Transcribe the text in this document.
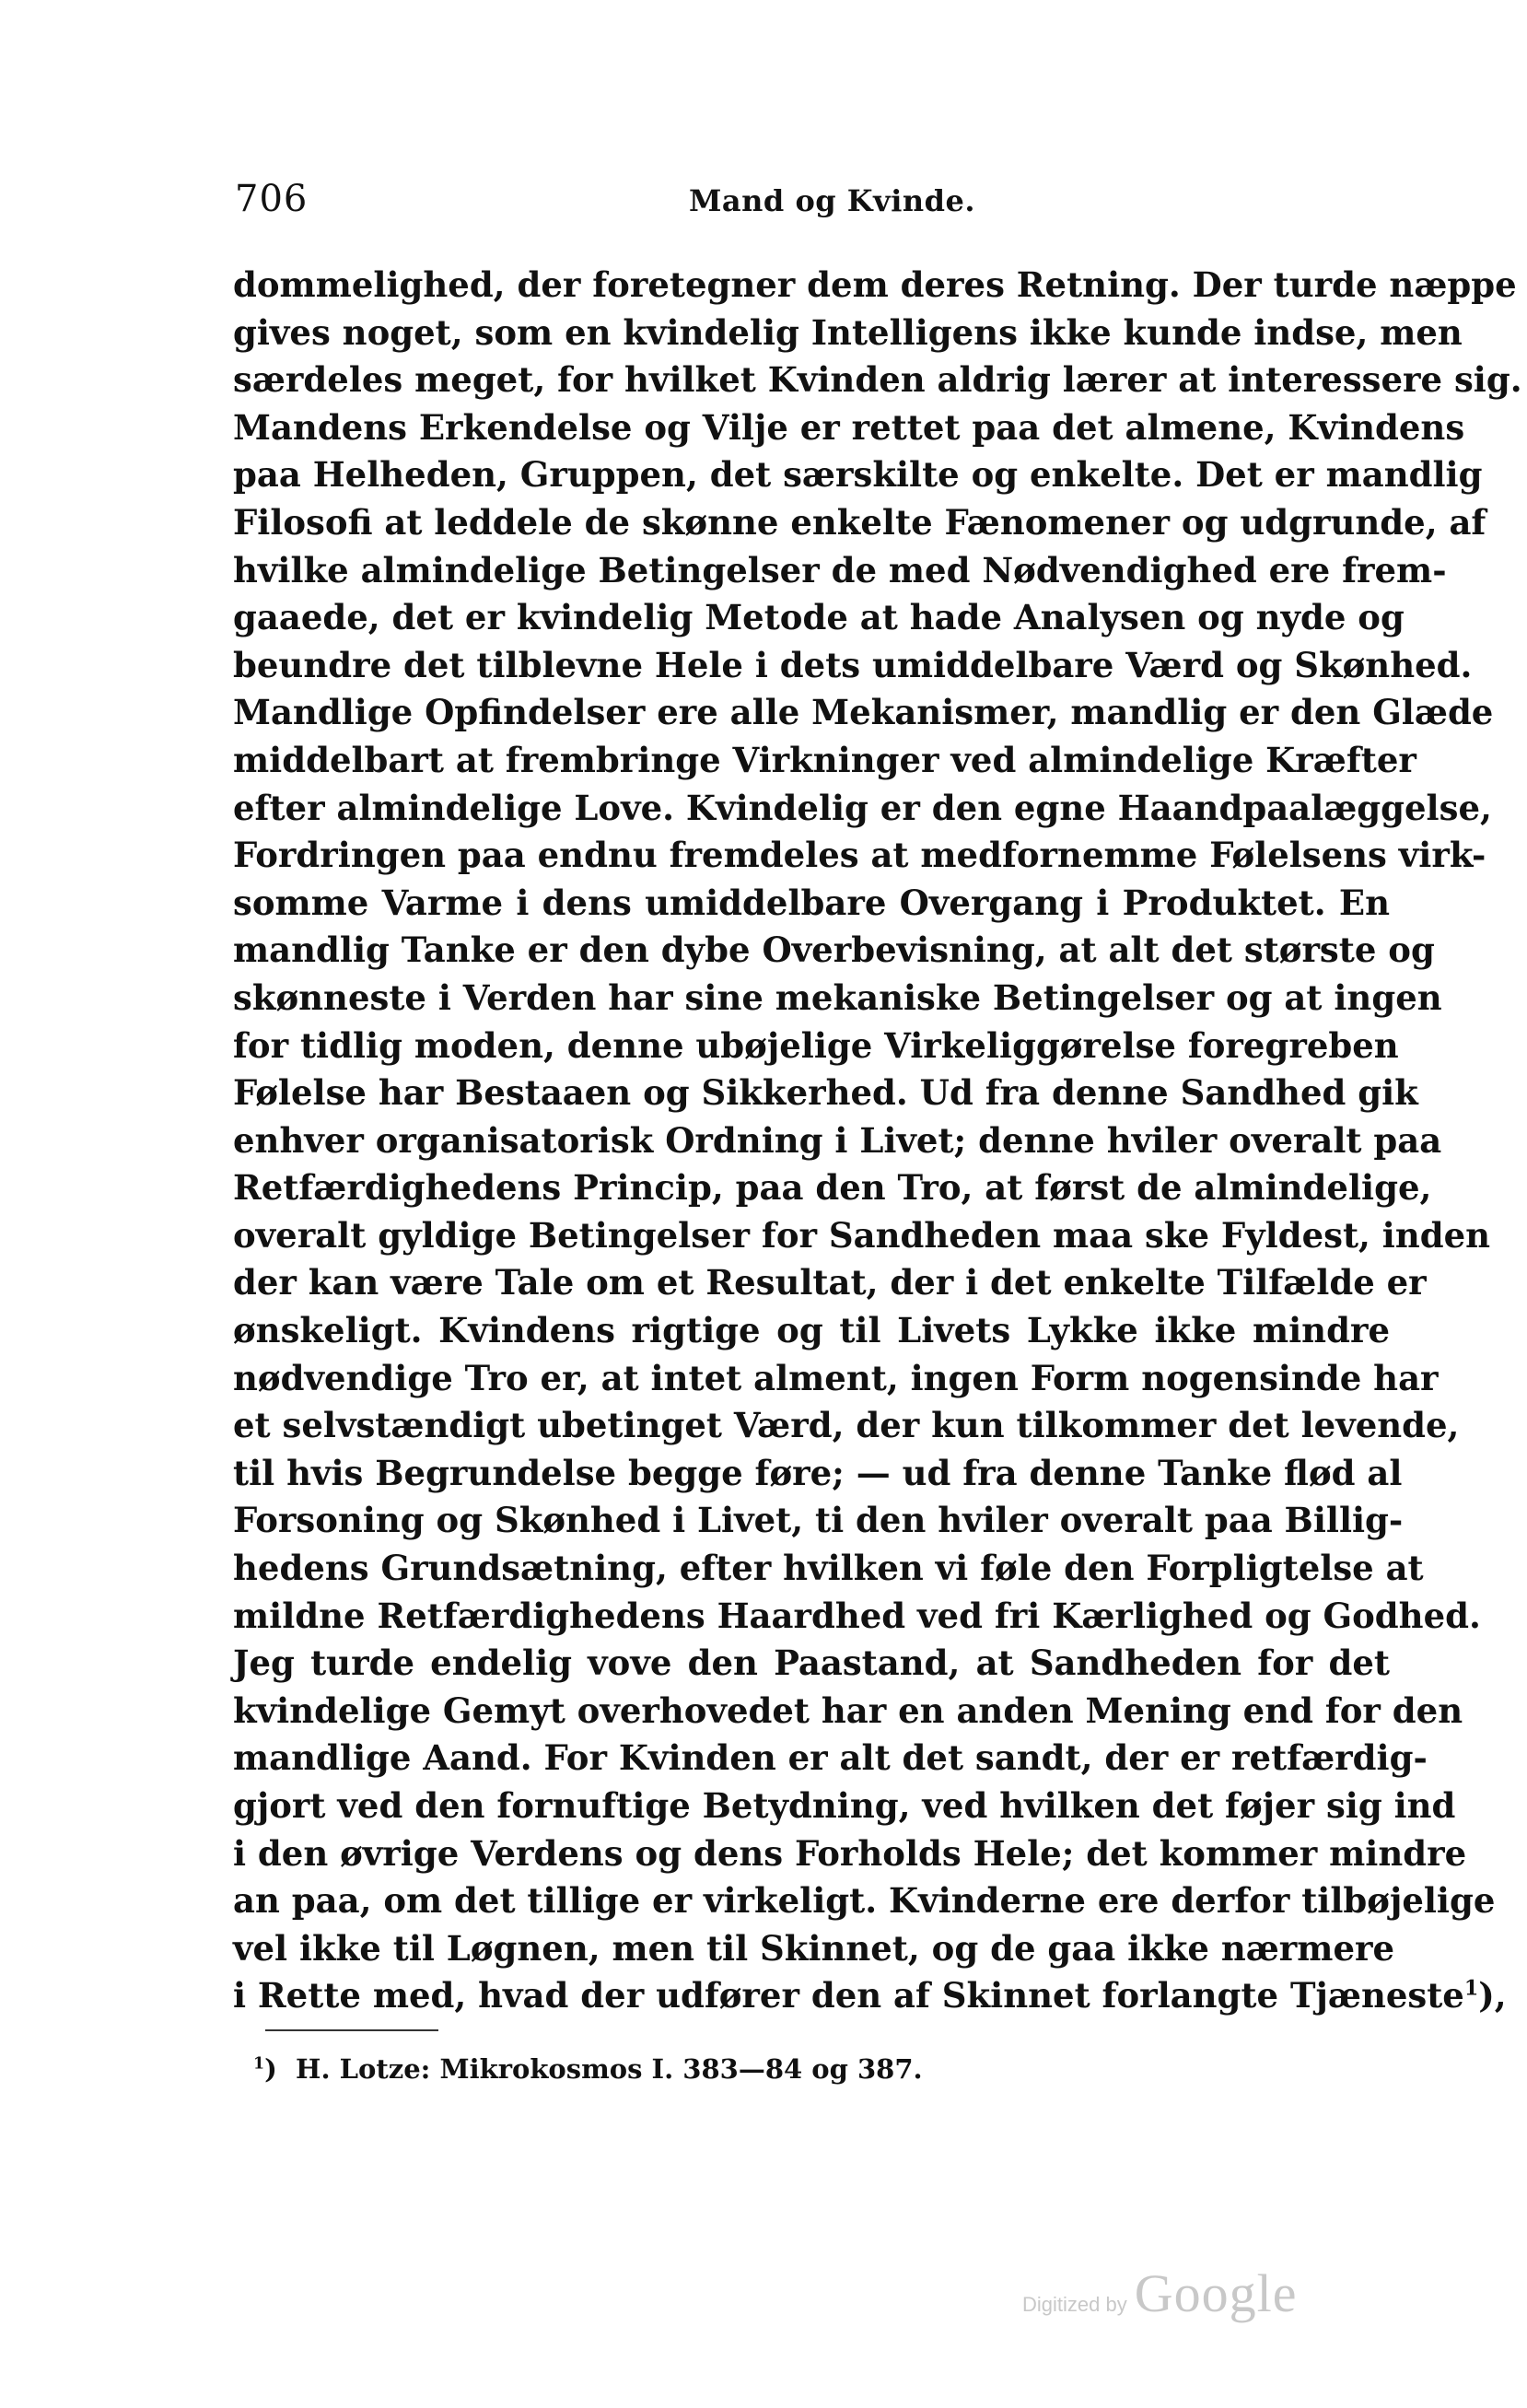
706	Mand og Kvinde.
dommelighed, der foretegner dem deres Retning. Der turde næppe
gives noget, som en kvindelig Intelligens ikke kunde indse, men
særdeles meget, for hvilket Kvinden aldrig lærer at interessere sig.
Mandens Erkendelse og Vilje er rettet paa det almene, Kvindens
paa Helheden, Gruppen, det særskilte og enkelte. Det er mandlig
Filosofi at leddele de skønne enkelte Fænomener og udgrunde, af
hvilke almindelige Betingelser de med Nødvendighed ere frem-
gaaede, det er kvindelig Metode at hade Analysen og nyde og
beundre det tilblevne Hele i dets umiddelbare Værd og Skønhed.
Mandlige Opfindelser ere alle Mekanismer, mandlig er den Glæde
middelbart at frembringe Virkninger ved almindelige Kræfter
efter almindelige Love. Kvindelig er den egne Haandpaalæggelse,
Fordringen paa endnu fremdeles at medfornemme Følelsens virk-
somme Varme i dens umiddelbare Overgang i Produktet. En
mandlig Tanke er den dybe Overbevisning, at alt det største og
skønneste i Verden har sine mekaniske Betingelser og at ingen
for tidlig moden, denne ubøjelige Virkeliggørelse foregreben
Følelse har Bestaaen og Sikkerhed. Ud fra denne Sandhed gik
enhver organisatorisk Ordning i Livet; denne hviler overalt paa
Retfærdighedens Princip, paa den Tro, at først de almindelige,
overalt gyldige Betingelser for Sandheden maa ske Fyldest, inden
der kan være Tale om et Resultat, der i det enkelte Tilfælde er
ønskeligt. Kvindens rigtige og til Livets Lykke ikke mindre
nødvendige Tro er, at intet alment, ingen Form nogensinde har
et selvstændigt ubetinget Værd, der kun tilkommer det levende,
til hvis Begrundelse begge føre; — ud fra denne Tanke flød al
Forsoning og Skønhed i Livet, ti den hviler overalt paa Billig-
hedens Grundsætning, efter hvilken vi føle den Forpligtelse at
mildne Retfærdighedens Haardhed ved fri Kærlighed og Godhed.
Jeg turde endelig vove den Paastand, at Sandheden for det
kvindelige Gemyt overhovedet har en anden Mening end for den
mandlige Aand. For Kvinden er alt det sandt, der er retfærdig-
gjort ved den fornuftige Betydning, ved hvilken det føjer sig ind
i den øvrige Verdens og dens Forholds Hele; det kommer mindre
an paa, om det tillige er virkeligt. Kvinderne ere derfor tilbøjelige
vel ikke til Løgnen, men til Skinnet, og de gaa ikke nærmere
i Rette med, hvad der udfører den af Skinnet forlangte Tjæneste$^1$),
$^1$) H. Lotze: Mikrokosmos I. 383—84 og 387.
Digitized by Google
